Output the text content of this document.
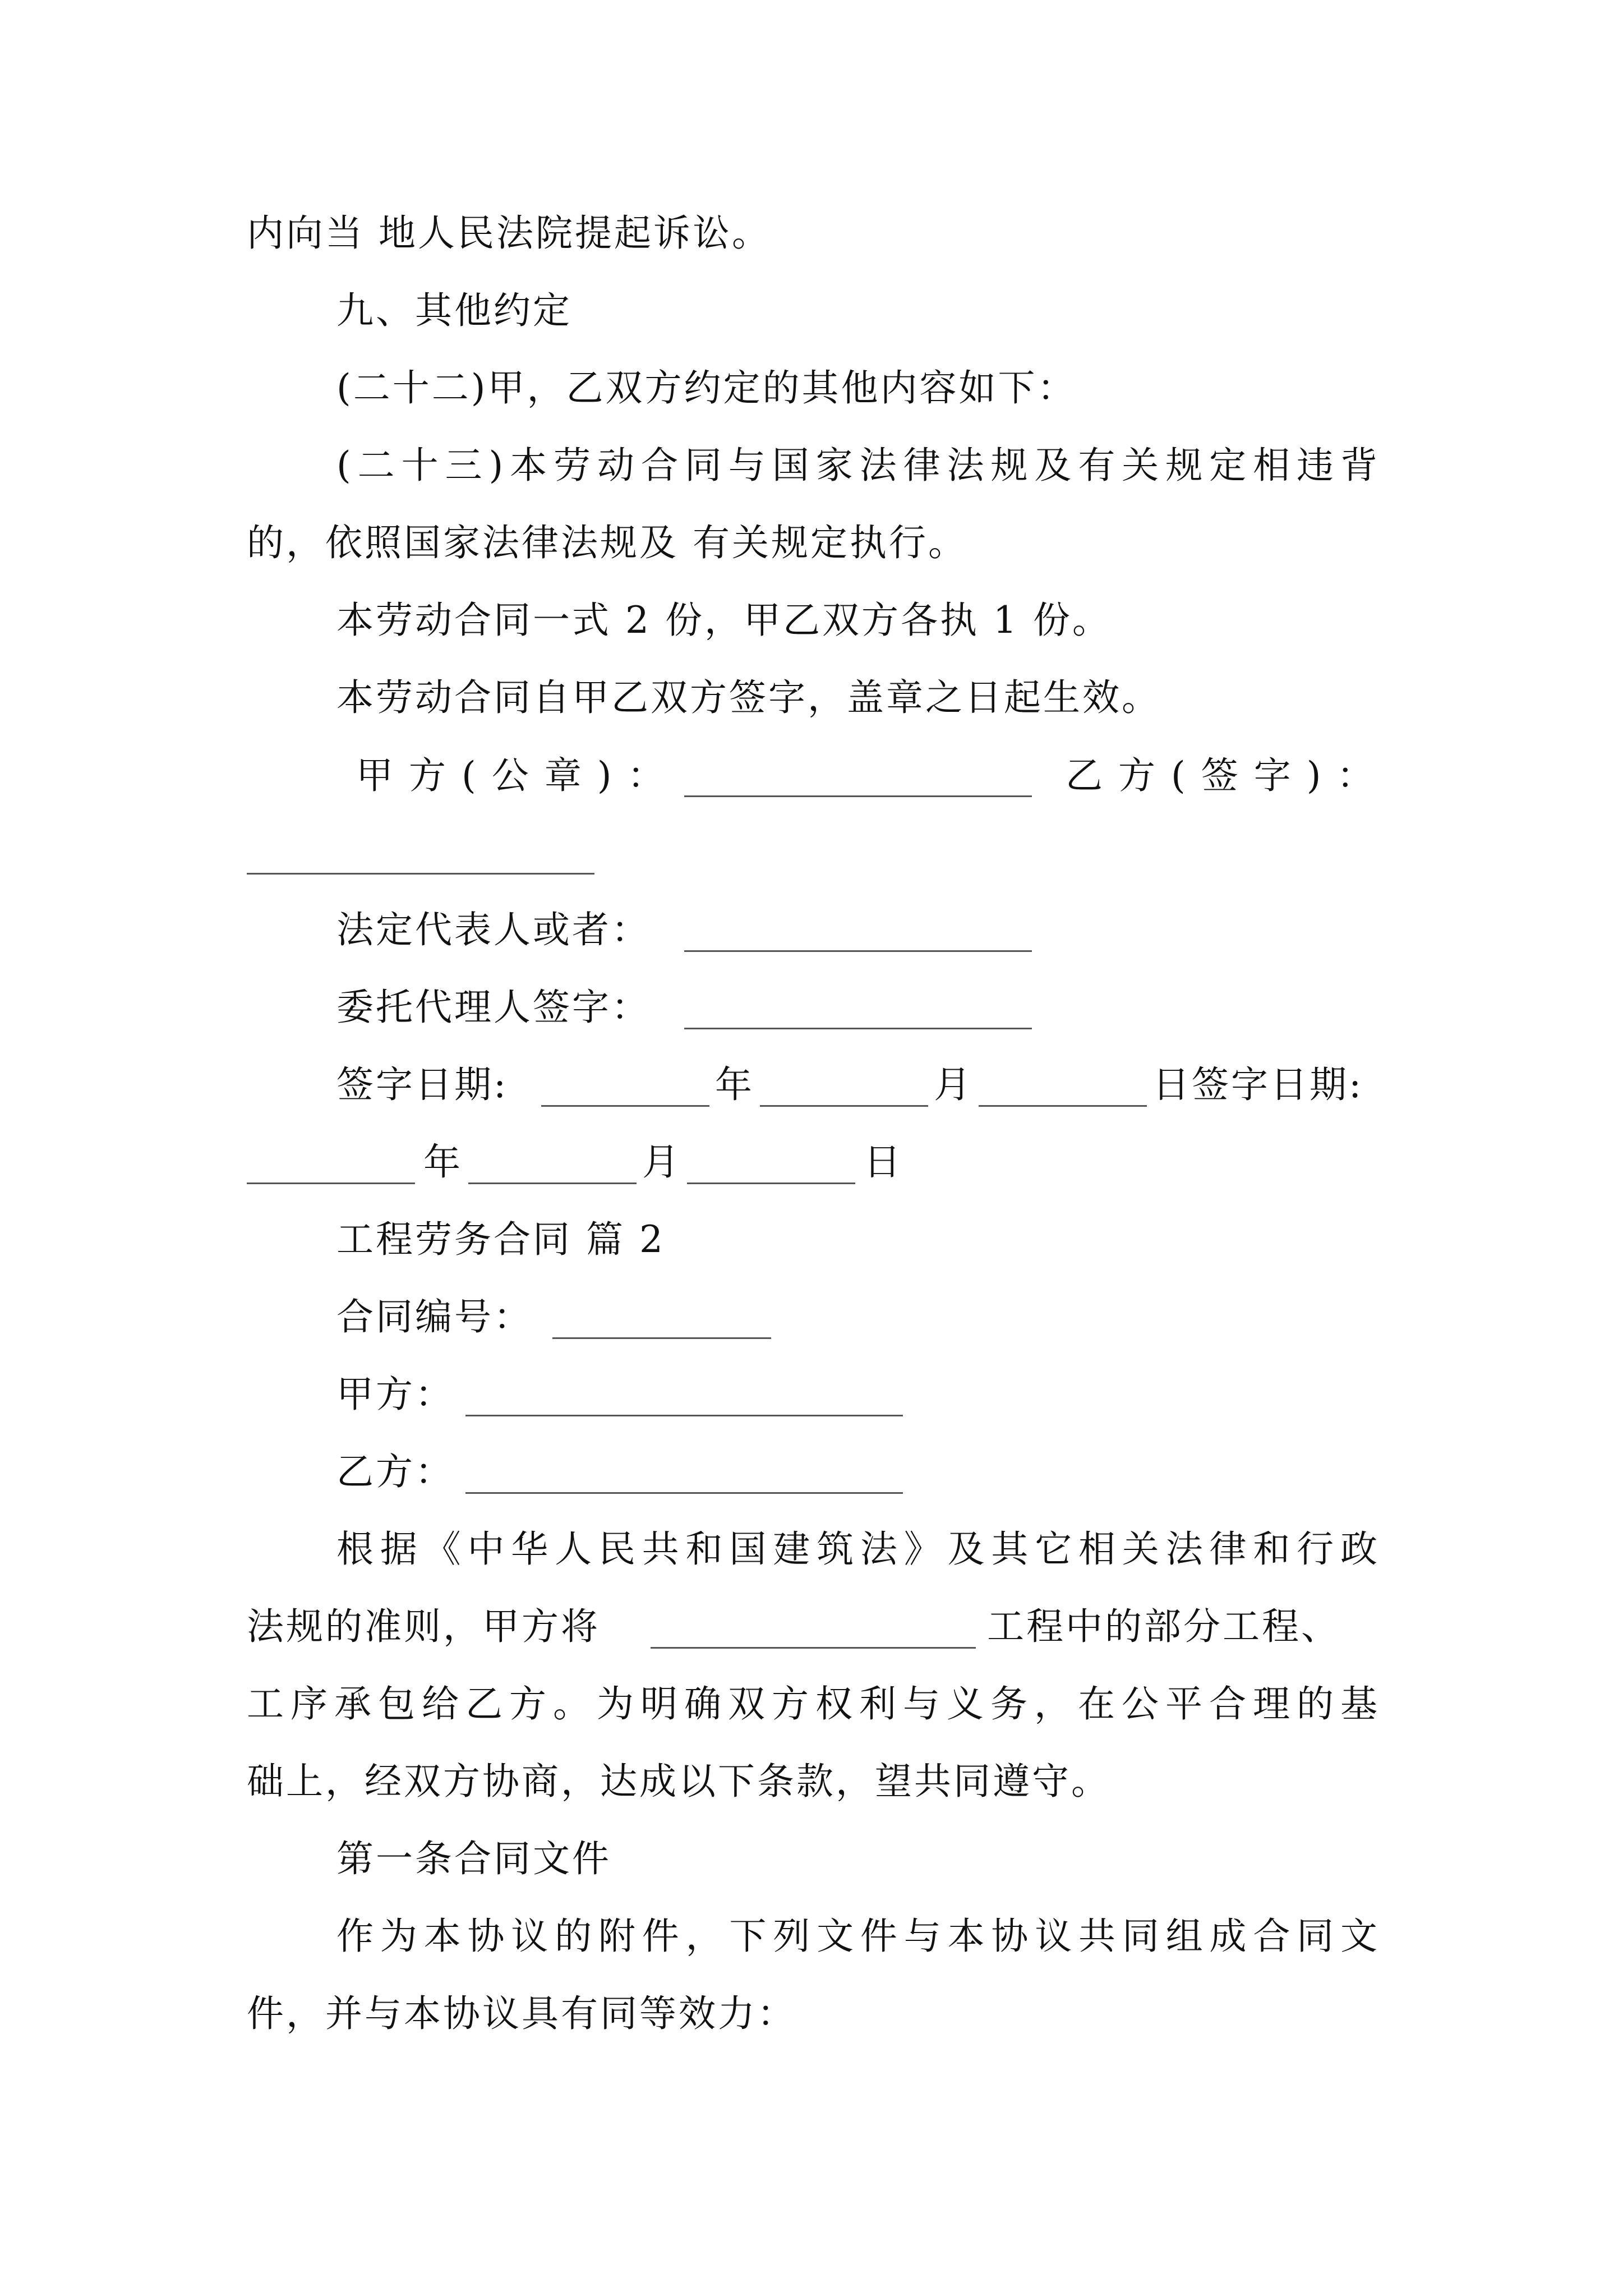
内向当 地人民法院提起诉讼。
九、其他约定
(二十二)甲，乙双方约定的其他内容如下：
(二十三)本劳动合同与国家法律法规及有关规定相违背
的，依照国家法律法规及 有关规定执行。
本劳动合同一式 2 份，甲乙双方各执 1 份。
本劳动合同自甲乙双方签字，盖章之日起生效。
甲方(公章)：	乙方(签字)：
法定代表人或者：
委托代理人签字：
签字日期:	年	月	日签字日期:
年	月	日
工程劳务合同 篇 2
合同编号：
甲方：
乙方：
根据《中华人民共和国建筑法》及其它相关法律和行政
法规的准则，甲方将	工程中的部分工程、
工序承包给乙方。为明确双方权利与义务，在公平合理的基
础上，经双方协商，达成以下条款，望共同遵守。
第一条合同文件
作为本协议的附件，下列文件与本协议共同组成合同文
件，并与本协议具有同等效力：
